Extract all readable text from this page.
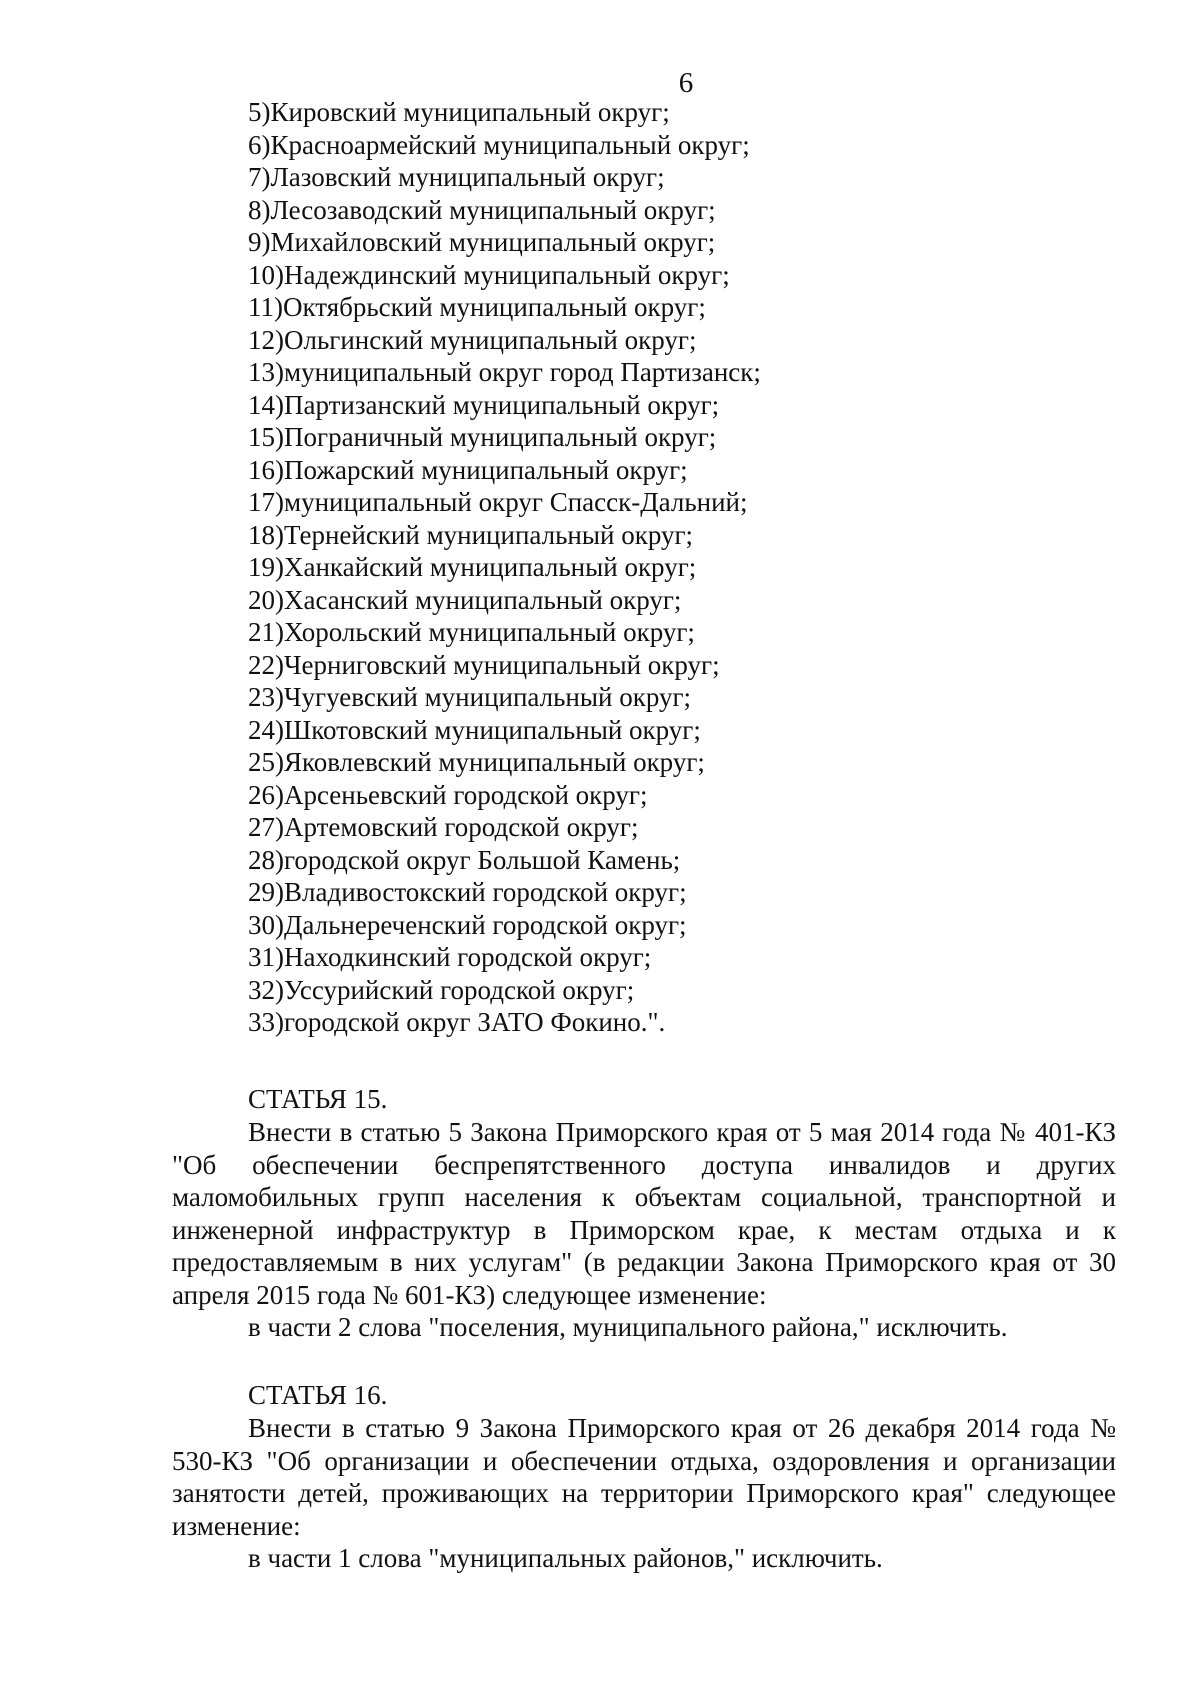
6
5)Кировский муниципальный округ;
6)Красноармейский муниципальный округ;
7)Лазовский муниципальный округ;
8)Лесозаводский муниципальный округ;
9)Михайловский муниципальный округ;
10)Надеждинский муниципальный округ;
11)Октябрьский муниципальный округ;
12)Ольгинский муниципальный округ;
13)муниципальный округ город Партизанск;
14)Партизанский муниципальный округ;
15)Пограничный муниципальный округ;
16)Пожарский муниципальный округ;
17)муниципальный округ Спасск-Дальний;
18)Тернейский муниципальный округ;
19)Ханкайский муниципальный округ;
20)Хасанский муниципальный округ;
21)Хорольский муниципальный округ;
22)Черниговский муниципальный округ;
23)Чугуевский муниципальный округ;
24)Шкотовский муниципальный округ;
25)Яковлевский муниципальный округ;
26)Арсеньевский городской округ;
27)Артемовский городской округ;
28)городской округ Большой Камень;
29)Владивостокский городской округ;
30)Дальнереченский городской округ;
31)Находкинский городской округ;
32)Уссурийский городской округ;
33)городской округ ЗАТО Фокино.".
СТАТЬЯ 15.

Внести в статью 5 Закона Приморского края от 5 мая 2014 года № 401-КЗ "Об обеспечении беспрепятственного доступа инвалидов и других маломобильных групп населения к объектам социальной, транспортной и инженерной инфраструктур в Приморском крае, к местам отдыха и к предоставляемым в них услугам" (в редакции Закона Приморского края от 30 апреля 2015 года № 601-КЗ) следующее изменение:

в части 2 слова "поселения, муниципального района," исключить.

СТАТЬЯ 16.

Внести в статью 9 Закона Приморского края от 26 декабря 2014 года № 530-КЗ "Об организации и обеспечении отдыха, оздоровления и организации занятости детей, проживающих на территории Приморского края" следующее изменение:

в части 1 слова "муниципальных районов," исключить.
